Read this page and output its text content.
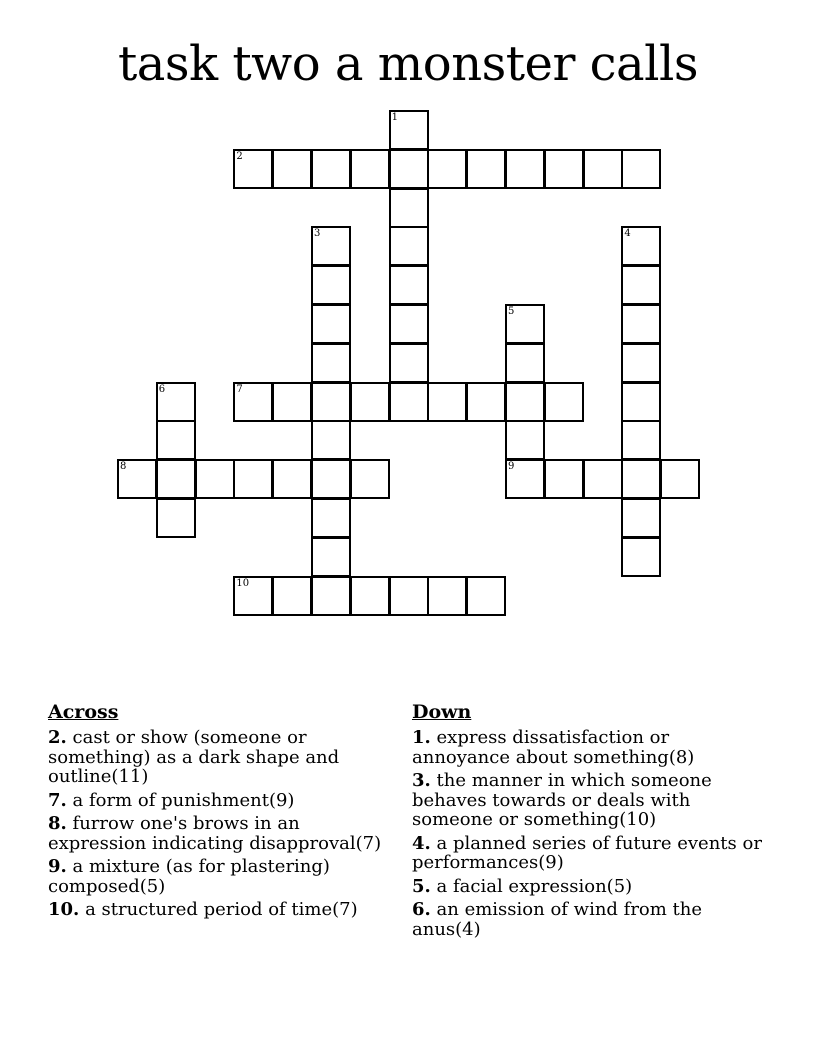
task two a monster calls
1
2
3	4
5
9
6	7
8
10
Across
2. cast or show (someone or something) as a dark shape and outline(11)
7. a form of punishment(9)
8. furrow one's brows in an expression indicating disapproval(7)
9. a mixture (as for plastering) composed(5)
10. a structured period of time(7)
Down
1. express dissatisfaction or annoyance about something(8)
3. the manner in which someone behaves towards or deals with someone or something(10)
4. a planned series of future events or performances(9)
5. a facial expression(5)
6. an emission of wind from the anus(4)
